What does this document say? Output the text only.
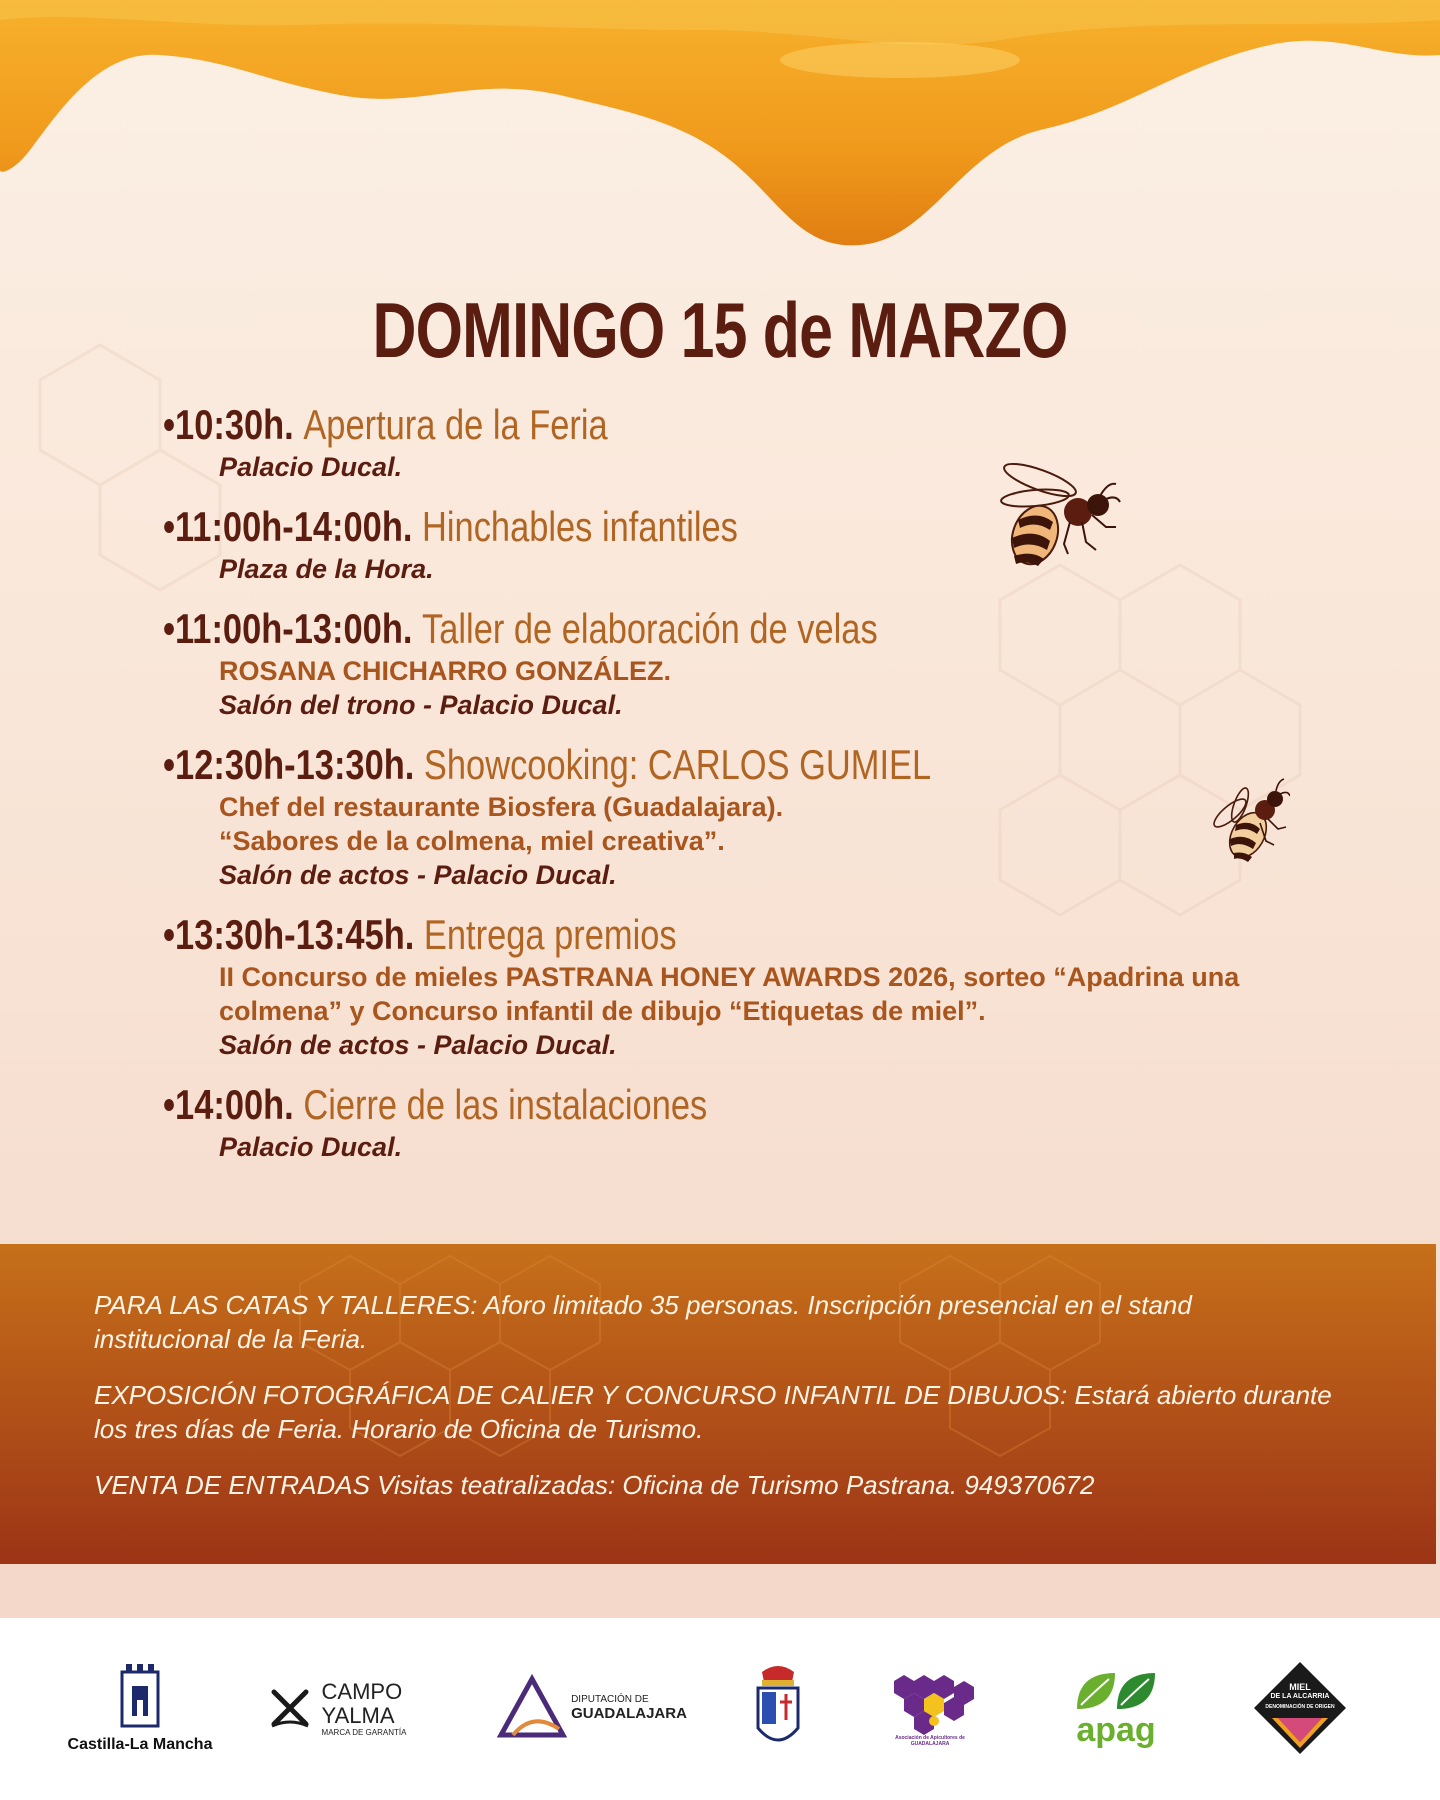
DOMINGO 15 de MARZO
•10:30h. Apertura de la Feria
Palacio Ducal.
•11:00h-14:00h. Hinchables infantiles
Plaza de la Hora.
•11:00h-13:00h. Taller de elaboración de velas
ROSANA CHICHARRO GONZÁLEZ.
Salón del trono - Palacio Ducal.
•12:30h-13:30h. Showcooking: CARLOS GUMIEL
Chef del restaurante Biosfera (Guadalajara).
“Sabores de la colmena, miel creativa”.
Salón de actos - Palacio Ducal.
•13:30h-13:45h. Entrega premios
II Concurso de mieles PASTRANA HONEY AWARDS 2026, sorteo “Apadrina una colmena” y Concurso infantil de dibujo “Etiquetas de miel”.
Salón de actos - Palacio Ducal.
•14:00h. Cierre de las instalaciones
Palacio Ducal.

PARA LAS CATAS Y TALLERES: Aforo limitado 35 personas. Inscripción presencial en el stand institucional de la Feria.

EXPOSICIÓN FOTOGRÁFICA DE CALIER Y CONCURSO INFANTIL DE DIBUJOS: Estará abierto durante los tres días de Feria. Horario de Oficina de Turismo.

VENTA DE ENTRADAS Visitas teatralizadas: Oficina de Turismo Pastrana. 949370672

Castilla-La Mancha
CAMPO
YALMA
MARCA DE GARANTÍA
DIPUTACIÓN DE
GUADALAJARA
Asociación de Apicultores de GUADALAJARA	apag
MIEL
DE LA ALCARRIA
DENOMINACIÓN DE ORIGEN
